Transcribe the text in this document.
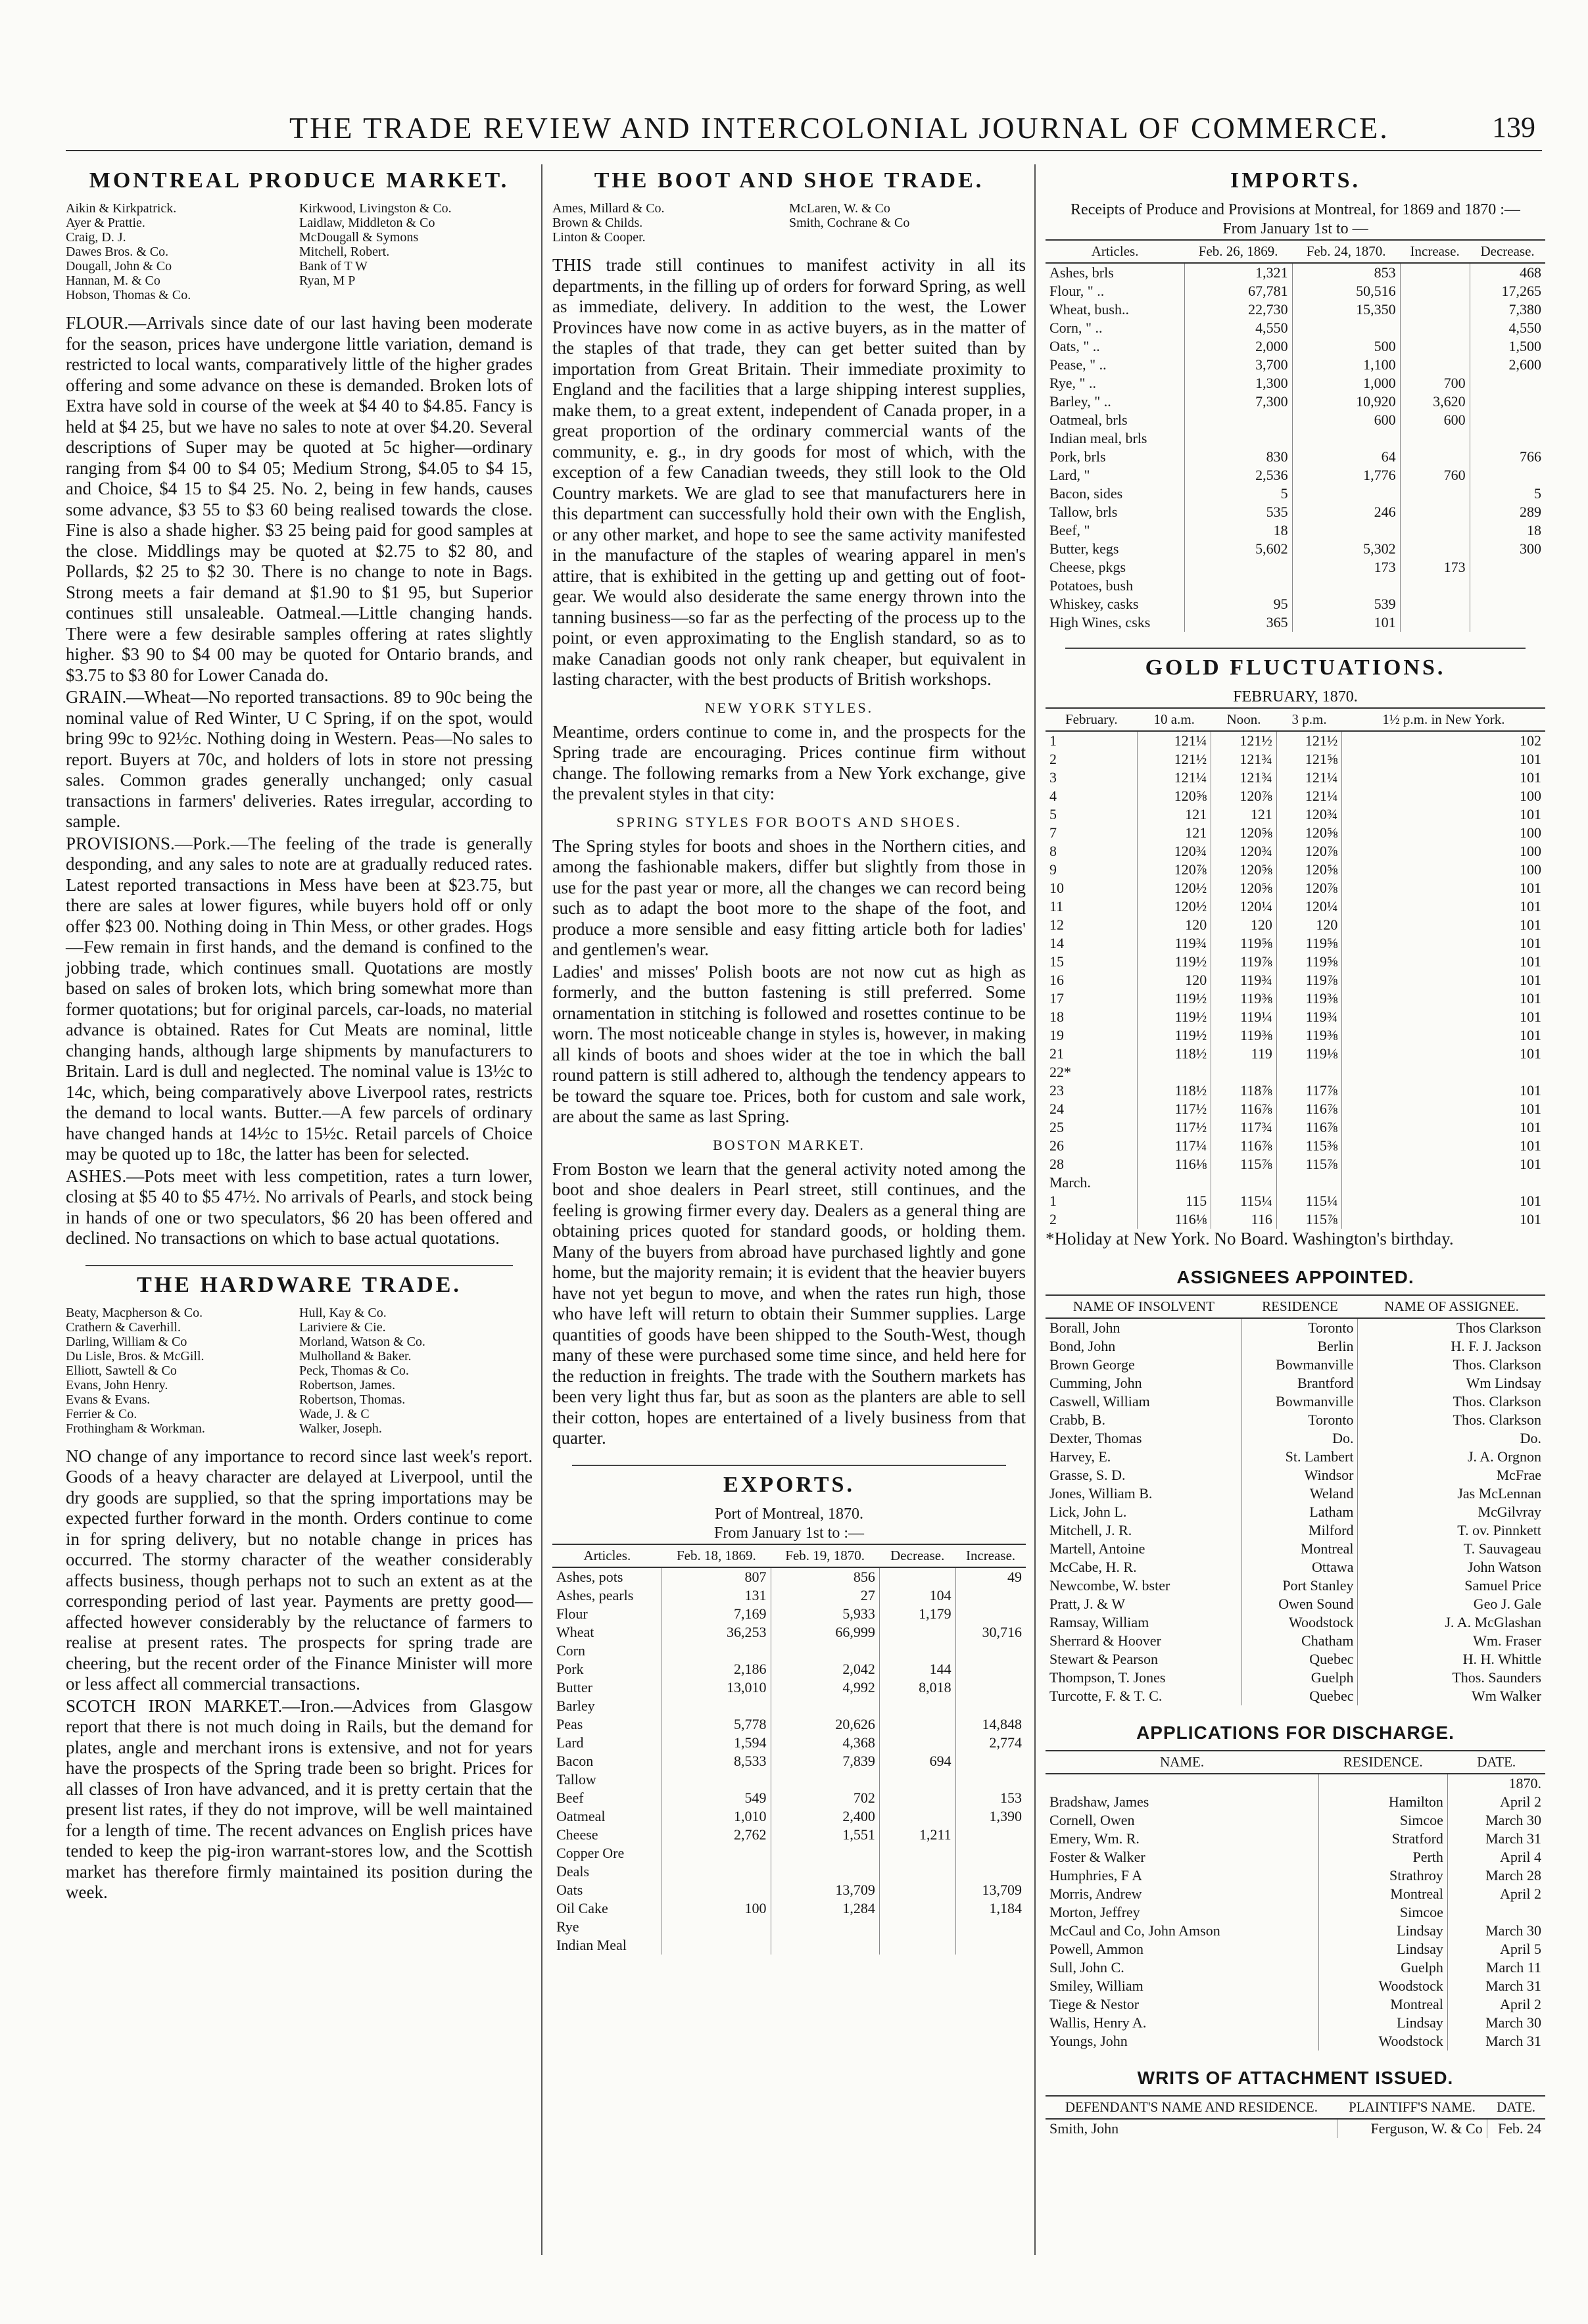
THE TRADE REVIEW AND INTERCOLONIAL JOURNAL OF COMMERCE.	139
MONTREAL PRODUCE MARKET.
Aikin & Kirkpatrick.	Kirkwood, Livingston & Co.
Ayer & Prattie.	Laidlaw, Middleton & Co
Craig, D. J.	McDougall & Symons
Dawes Bros. & Co.	Mitchell, Robert.
Dougall, John & Co	Bank of T W
Hannan, M. & Co	Ryan, M P
Hobson, Thomas & Co.

FLOUR.—Arrivals since date of our last having been moderate for the season, prices have undergone little variation, demand is restricted to local wants, comparatively little of the higher grades offering and some advance on these is demanded. Broken lots of Extra have sold in course of the week at $4 40 to $4.85. Fancy is held at $4 25, but we have no sales to note at over $4.20. Several descriptions of Super may be quoted at 5c higher—ordinary ranging from $4 00 to $4 05; Medium Strong, $4.05 to $4 15, and Choice, $4 15 to $4 25. No. 2, being in few hands, causes some advance, $3 55 to $3 60 being realised towards the close. Fine is also a shade higher. $3 25 being paid for good samples at the close. Middlings may be quoted at $2.75 to $2 80, and Pollards, $2 25 to $2 30. There is no change to note in Bags. Strong meets a fair demand at $1.90 to $1 95, but Superior continues still unsaleable. Oatmeal.—Little changing hands. There were a few desirable samples offering at rates slightly higher. $3 90 to $4 00 may be quoted for Ontario brands, and $3.75 to $3 80 for Lower Canada do.

GRAIN.—Wheat—No reported transactions. 89 to 90c being the nominal value of Red Winter, U C Spring, if on the spot, would bring 99c to 92½c. Nothing doing in Western. Peas—No sales to report. Buyers at 70c, and holders of lots in store not pressing sales. Common grades generally unchanged; only casual transactions in farmers' deliveries. Rates irregular, according to sample.

PROVISIONS.—Pork.—The feeling of the trade is generally desponding, and any sales to note are at gradually reduced rates. Latest reported transactions in Mess have been at $23.75, but there are sales at lower figures, while buyers hold off or only offer $23 00. Nothing doing in Thin Mess, or other grades. Hogs—Few remain in first hands, and the demand is confined to the jobbing trade, which continues small. Quotations are mostly based on sales of broken lots, which bring somewhat more than former quotations; but for original parcels, car-loads, no material advance is obtained. Rates for Cut Meats are nominal, little changing hands, although large shipments by manufacturers to Britain. Lard is dull and neglected. The nominal value is 13½c to 14c, which, being comparatively above Liverpool rates, restricts the demand to local wants. Butter.—A few parcels of ordinary have changed hands at 14½c to 15½c. Retail parcels of Choice may be quoted up to 18c, the latter has been for selected.

ASHES.—Pots meet with less competition, rates a turn lower, closing at $5 40 to $5 47½. No arrivals of Pearls, and stock being in hands of one or two speculators, $6 20 has been offered and declined. No transactions on which to base actual quotations.

THE HARDWARE TRADE.
Beaty, Macpherson & Co.	Hull, Kay & Co.
Crathern & Caverhill.	Lariviere & Cie.
Darling, William & Co	Morland, Watson & Co.
Du Lisle, Bros. & McGill.	Mulholland & Baker.
Elliott, Sawtell & Co	Peck, Thomas & Co.
Evans, John Henry.	Robertson, James.
Evans & Evans.	Robertson, Thomas.
Ferrier & Co.	Wade, J. & C
Frothingham & Workman.	Walker, Joseph.

NO change of any importance to record since last week's report. Goods of a heavy character are delayed at Liverpool, until the dry goods are supplied, so that the spring importations may be expected further forward in the month. Orders continue to come in for spring delivery, but no notable change in prices has occurred. The stormy character of the weather considerably affects business, though perhaps not to such an extent as at the corresponding period of last year. Payments are pretty good—affected however considerably by the reluctance of farmers to realise at present rates. The prospects for spring trade are cheering, but the recent order of the Finance Minister will more or less affect all commercial transactions.

SCOTCH IRON MARKET.—Iron.—Advices from Glasgow report that there is not much doing in Rails, but the demand for plates, angle and merchant irons is extensive, and not for years have the prospects of the Spring trade been so bright. Prices for all classes of Iron have advanced, and it is pretty certain that the present list rates, if they do not improve, will be well maintained for a length of time. The recent advances on English prices have tended to keep the pig-iron warrant-stores low, and the Scottish market has therefore firmly maintained its position during the week.

THE BOOT AND SHOE TRADE.
Ames, Millard & Co.	McLaren, W. & Co
Brown & Childs.	Smith, Cochrane & Co
Linton & Cooper.

THIS trade still continues to manifest activity in all its departments, in the filling up of orders for forward Spring, as well as immediate, delivery. In addition to the west, the Lower Provinces have now come in as active buyers, as in the matter of the staples of that trade, they can get better suited than by importation from Great Britain. Their immediate proximity to England and the facilities that a large shipping interest supplies, make them, to a great extent, independent of Canada proper, in a great proportion of the ordinary commercial wants of the community, e. g., in dry goods for most of which, with the exception of a few Canadian tweeds, they still look to the Old Country markets. We are glad to see that manufacturers here in this department can successfully hold their own with the English, or any other market, and hope to see the same activity manifested in the manufacture of the staples of wearing apparel in men's attire, that is exhibited in the getting up and getting out of foot-gear. We would also desiderate the same energy thrown into the tanning business—so far as the perfecting of the process up to the point, or even approximating to the English standard, so as to make Canadian goods not only rank cheaper, but equivalent in lasting character, with the best products of British workshops.

NEW YORK STYLES.

Meantime, orders continue to come in, and the prospects for the Spring trade are encouraging. Prices continue firm without change. The following remarks from a New York exchange, give the prevalent styles in that city:

SPRING STYLES FOR BOOTS AND SHOES.

The Spring styles for boots and shoes in the Northern cities, and among the fashionable makers, differ but slightly from those in use for the past year or more, all the changes we can record being such as to adapt the boot more to the shape of the foot, and produce a more sensible and easy fitting article both for ladies' and gentlemen's wear.

Ladies' and misses' Polish boots are not now cut as high as formerly, and the button fastening is still preferred. Some ornamentation in stitching is followed and rosettes continue to be worn. The most noticeable change in styles is, however, in making all kinds of boots and shoes wider at the toe in which the ball round pattern is still adhered to, although the tendency appears to be toward the square toe. Prices, both for custom and sale work, are about the same as last Spring.

BOSTON MARKET.

From Boston we learn that the general activity noted among the boot and shoe dealers in Pearl street, still continues, and the feeling is growing firmer every day. Dealers as a general thing are obtaining prices quoted for standard goods, or holding them. Many of the buyers from abroad have purchased lightly and gone home, but the majority remain; it is evident that the heavier buyers have not yet begun to move, and when the rates run high, those who have left will return to obtain their Summer supplies. Large quantities of goods have been shipped to the South-West, though many of these were purchased some time since, and held here for the reduction in freights. The trade with the Southern markets has been very light thus far, but as soon as the planters are able to sell their cotton, hopes are entertained of a lively business from that quarter.

EXPORTS.
Port of Montreal, 1870.
From January 1st to :—
Articles.	Feb. 18, 1869.	Feb. 19, 1870.	Decrease.	Increase.
Ashes, pots	807	856		49
Ashes, pearls	131	27	104	
Flour	7,169	5,933	1,179	
Wheat	36,253	66,999		30,716
Corn				
Pork	2,186	2,042	144	
Butter	13,010	4,992	8,018	
Barley				
Peas	5,778	20,626		14,848
Lard	1,594	4,368		2,774
Bacon	8,533	7,839	694	
Tallow				
Beef	549	702		153
Oatmeal	1,010	2,400		1,390
Cheese	2,762	1,551	1,211	
Copper Ore				
Deals				
Oats		13,709		13,709
Oil Cake	100	1,284		1,184
Rye				
Indian Meal				
IMPORTS.
Receipts of Produce and Provisions at Montreal, for 1869 and 1870 :—
From January 1st to —
Articles.	Feb. 26, 1869.	Feb. 24, 1870.	Increase.	Decrease.
Ashes, brls	1,321	853		468
Flour, " ..	67,781	50,516		17,265
Wheat, bush..	22,730	15,350		7,380
Corn, " ..	4,550			4,550
Oats, " ..	2,000	500		1,500
Pease, " ..	3,700	1,100		2,600
Rye, " ..	1,300	1,000	700	
Barley, " ..	7,300	10,920	3,620	
Oatmeal, brls		600	600	
Indian meal, brls				
Pork, brls	830	64		766
Lard, "	2,536	1,776	760	
Bacon, sides	5			5
Tallow, brls	535	246		289
Beef, "	18			18
Butter, kegs	5,602	5,302		300
Cheese, pkgs		173	173	
Potatoes, bush				
Whiskey, casks	95	539		
High Wines, csks	365	101		
GOLD FLUCTUATIONS.
FEBRUARY, 1870.
February.	10 a.m.	Noon.	3 p.m.	1½ p.m. in New York.
1	121¼	121½	121½	102
2	121½	121¾	121⅝	101
3	121¼	121¾	121¼	101
4	120⅝	120⅞	121¼	100
5	121	121	120¾	101
7	121	120⅝	120⅝	100
8	120¾	120¾	120⅞	100
9	120⅞	120⅝	120⅝	100
10	120½	120⅝	120⅞	101
11	120½	120¼	120¼	101
12	120	120	120	101
14	119¾	119⅝	119⅝	101
15	119½	119⅞	119⅝	101
16	120	119¾	119⅞	101
17	119½	119⅜	119⅜	101
18	119½	119¼	119¾	101
19	119½	119⅜	119⅜	101
21	118½	119	119⅛	101
22*				
23	118½	118⅞	117⅞	101
24	117½	116⅞	116⅞	101
25	117½	117¾	116⅞	101
26	117¼	116⅞	115⅜	101
28	116⅛	115⅞	115⅞	101
March.				
1	115	115¼	115¼	101
2	116⅛	116	115⅞	101

*Holiday at New York. No Board. Washington's birthday.

ASSIGNEES APPOINTED.
NAME OF INSOLVENT	RESIDENCE	NAME OF ASSIGNEE.
Borall, John	Toronto	Thos Clarkson
Bond, John	Berlin	H. F. J. Jackson
Brown George	Bowmanville	Thos. Clarkson
Cumming, John	Brantford	Wm Lindsay
Caswell, William	Bowmanville	Thos. Clarkson
Crabb, B.	Toronto	Thos. Clarkson
Dexter, Thomas	Do.	Do.
Harvey, E.	St. Lambert	J. A. Orgnon
Grasse, S. D.	Windsor	McFrae
Jones, William B.	Weland	Jas McLennan
Lick, John L.	Latham	McGilvray
Mitchell, J. R.	Milford	T. ov. Pinnkett
Martell, Antoine	Montreal	T. Sauvageau
McCabe, H. R.	Ottawa	John Watson
Newcombe, W. bster	Port Stanley	Samuel Price
Pratt, J. & W	Owen Sound	Geo J. Gale
Ramsay, William	Woodstock	J. A. McGlashan
Sherrard & Hoover	Chatham	Wm. Fraser
Stewart & Pearson	Quebec	H. H. Whittle
Thompson, T. Jones	Guelph	Thos. Saunders
Turcotte, F. & T. C.	Quebec	Wm Walker
APPLICATIONS FOR DISCHARGE.
NAME.	RESIDENCE.	DATE.
		1870.
Bradshaw, James	Hamilton	April 2
Cornell, Owen	Simcoe	March 30
Emery, Wm. R.	Stratford	March 31
Foster & Walker	Perth	April 4
Humphries, F A	Strathroy	March 28
Morris, Andrew	Montreal	April 2
Morton, Jeffrey	Simcoe	
McCaul and Co, John Amson	Lindsay	March 30
Powell, Ammon	Lindsay	April 5
Sull, John C.	Guelph	March 11
Smiley, William	Woodstock	March 31
Tiege & Nestor	Montreal	April 2
Wallis, Henry A.	Lindsay	March 30
Youngs, John	Woodstock	March 31
WRITS OF ATTACHMENT ISSUED.
DEFENDANT'S NAME AND RESIDENCE.	PLAINTIFF'S NAME.	DATE.
Smith, John	Ferguson, W. & Co	Feb. 24
